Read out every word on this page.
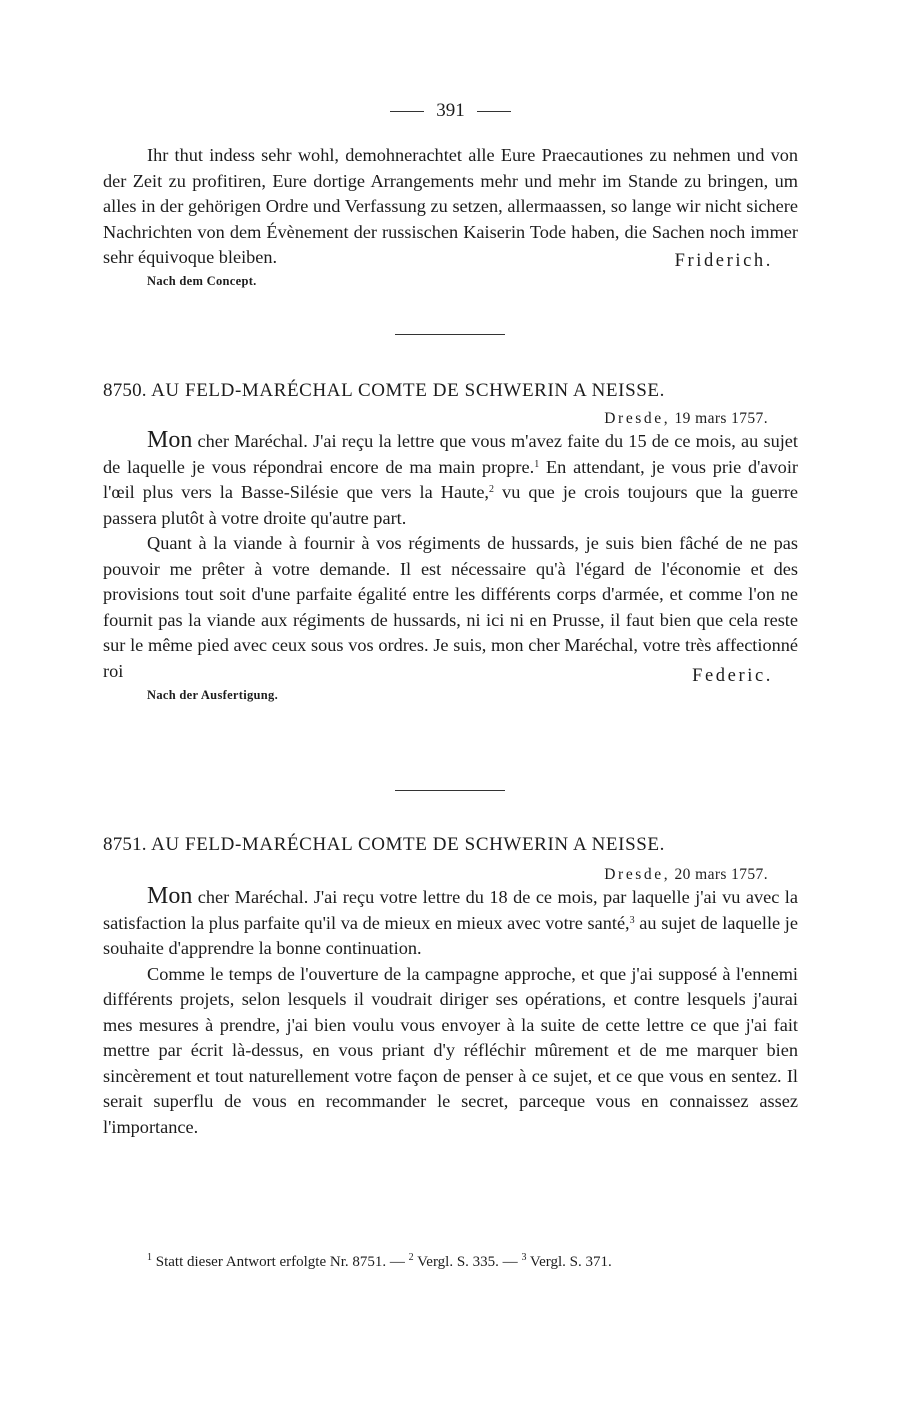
391

Ihr thut indess sehr wohl, demohnerachtet alle Eure Praecautiones zu nehmen und von der Zeit zu profitiren, Eure dortige Arrangements mehr und mehr im Stande zu bringen, um alles in der gehörigen Ordre und Verfassung zu setzen, allermaassen, so lange wir nicht sichere Nachrichten von dem Évènement der russischen Kaiserin Tode haben, die Sachen noch immer sehr équivoque bleiben.	Friderich.
Nach dem Concept.

8750. AU FELD-MARÉCHAL COMTE DE SCHWERIN A NEISSE.

Dresde, 19 mars 1757.

Mon cher Maréchal. J'ai reçu la lettre que vous m'avez faite du 15 de ce mois, au sujet de laquelle je vous répondrai encore de ma main propre.$^1$ En attendant, je vous prie d'avoir l'œil plus vers la Basse-Silésie que vers la Haute,$^2$ vu que je crois toujours que la guerre passera plutôt à votre droite qu'autre part.

Quant à la viande à fournir à vos régiments de hussards, je suis bien fâché de ne pas pouvoir me prêter à votre demande. Il est nécessaire qu'à l'égard de l'économie et des provisions tout soit d'une parfaite égalité entre les différents corps d'armée, et comme l'on ne fournit pas la viande aux régiments de hussards, ni ici ni en Prusse, il faut bien que cela reste sur le même pied avec ceux sous vos ordres. Je suis, mon cher Maréchal, votre très affectionné roi	Federic.
Nach der Ausfertigung.

8751. AU FELD-MARÉCHAL COMTE DE SCHWERIN A NEISSE.

Dresde, 20 mars 1757.

Mon cher Maréchal. J'ai reçu votre lettre du 18 de ce mois, par laquelle j'ai vu avec la satisfaction la plus parfaite qu'il va de mieux en mieux avec votre santé,$^3$ au sujet de laquelle je souhaite d'apprendre la bonne continuation.

Comme le temps de l'ouverture de la campagne approche, et que j'ai supposé à l'ennemi différents projets, selon lesquels il voudrait diriger ses opérations, et contre lesquels j'aurai mes mesures à prendre, j'ai bien voulu vous envoyer à la suite de cette lettre ce que j'ai fait mettre par écrit là-dessus, en vous priant d'y réfléchir mûrement et de me marquer bien sincèrement et tout naturellement votre façon de penser à ce sujet, et ce que vous en sentez. Il serait superflu de vous en recommander le secret, parceque vous en connaissez assez l'importance.

$^1$ Statt dieser Antwort erfolgte Nr. 8751. — $^2$ Vergl. S. 335. — $^3$ Vergl. S. 371.
